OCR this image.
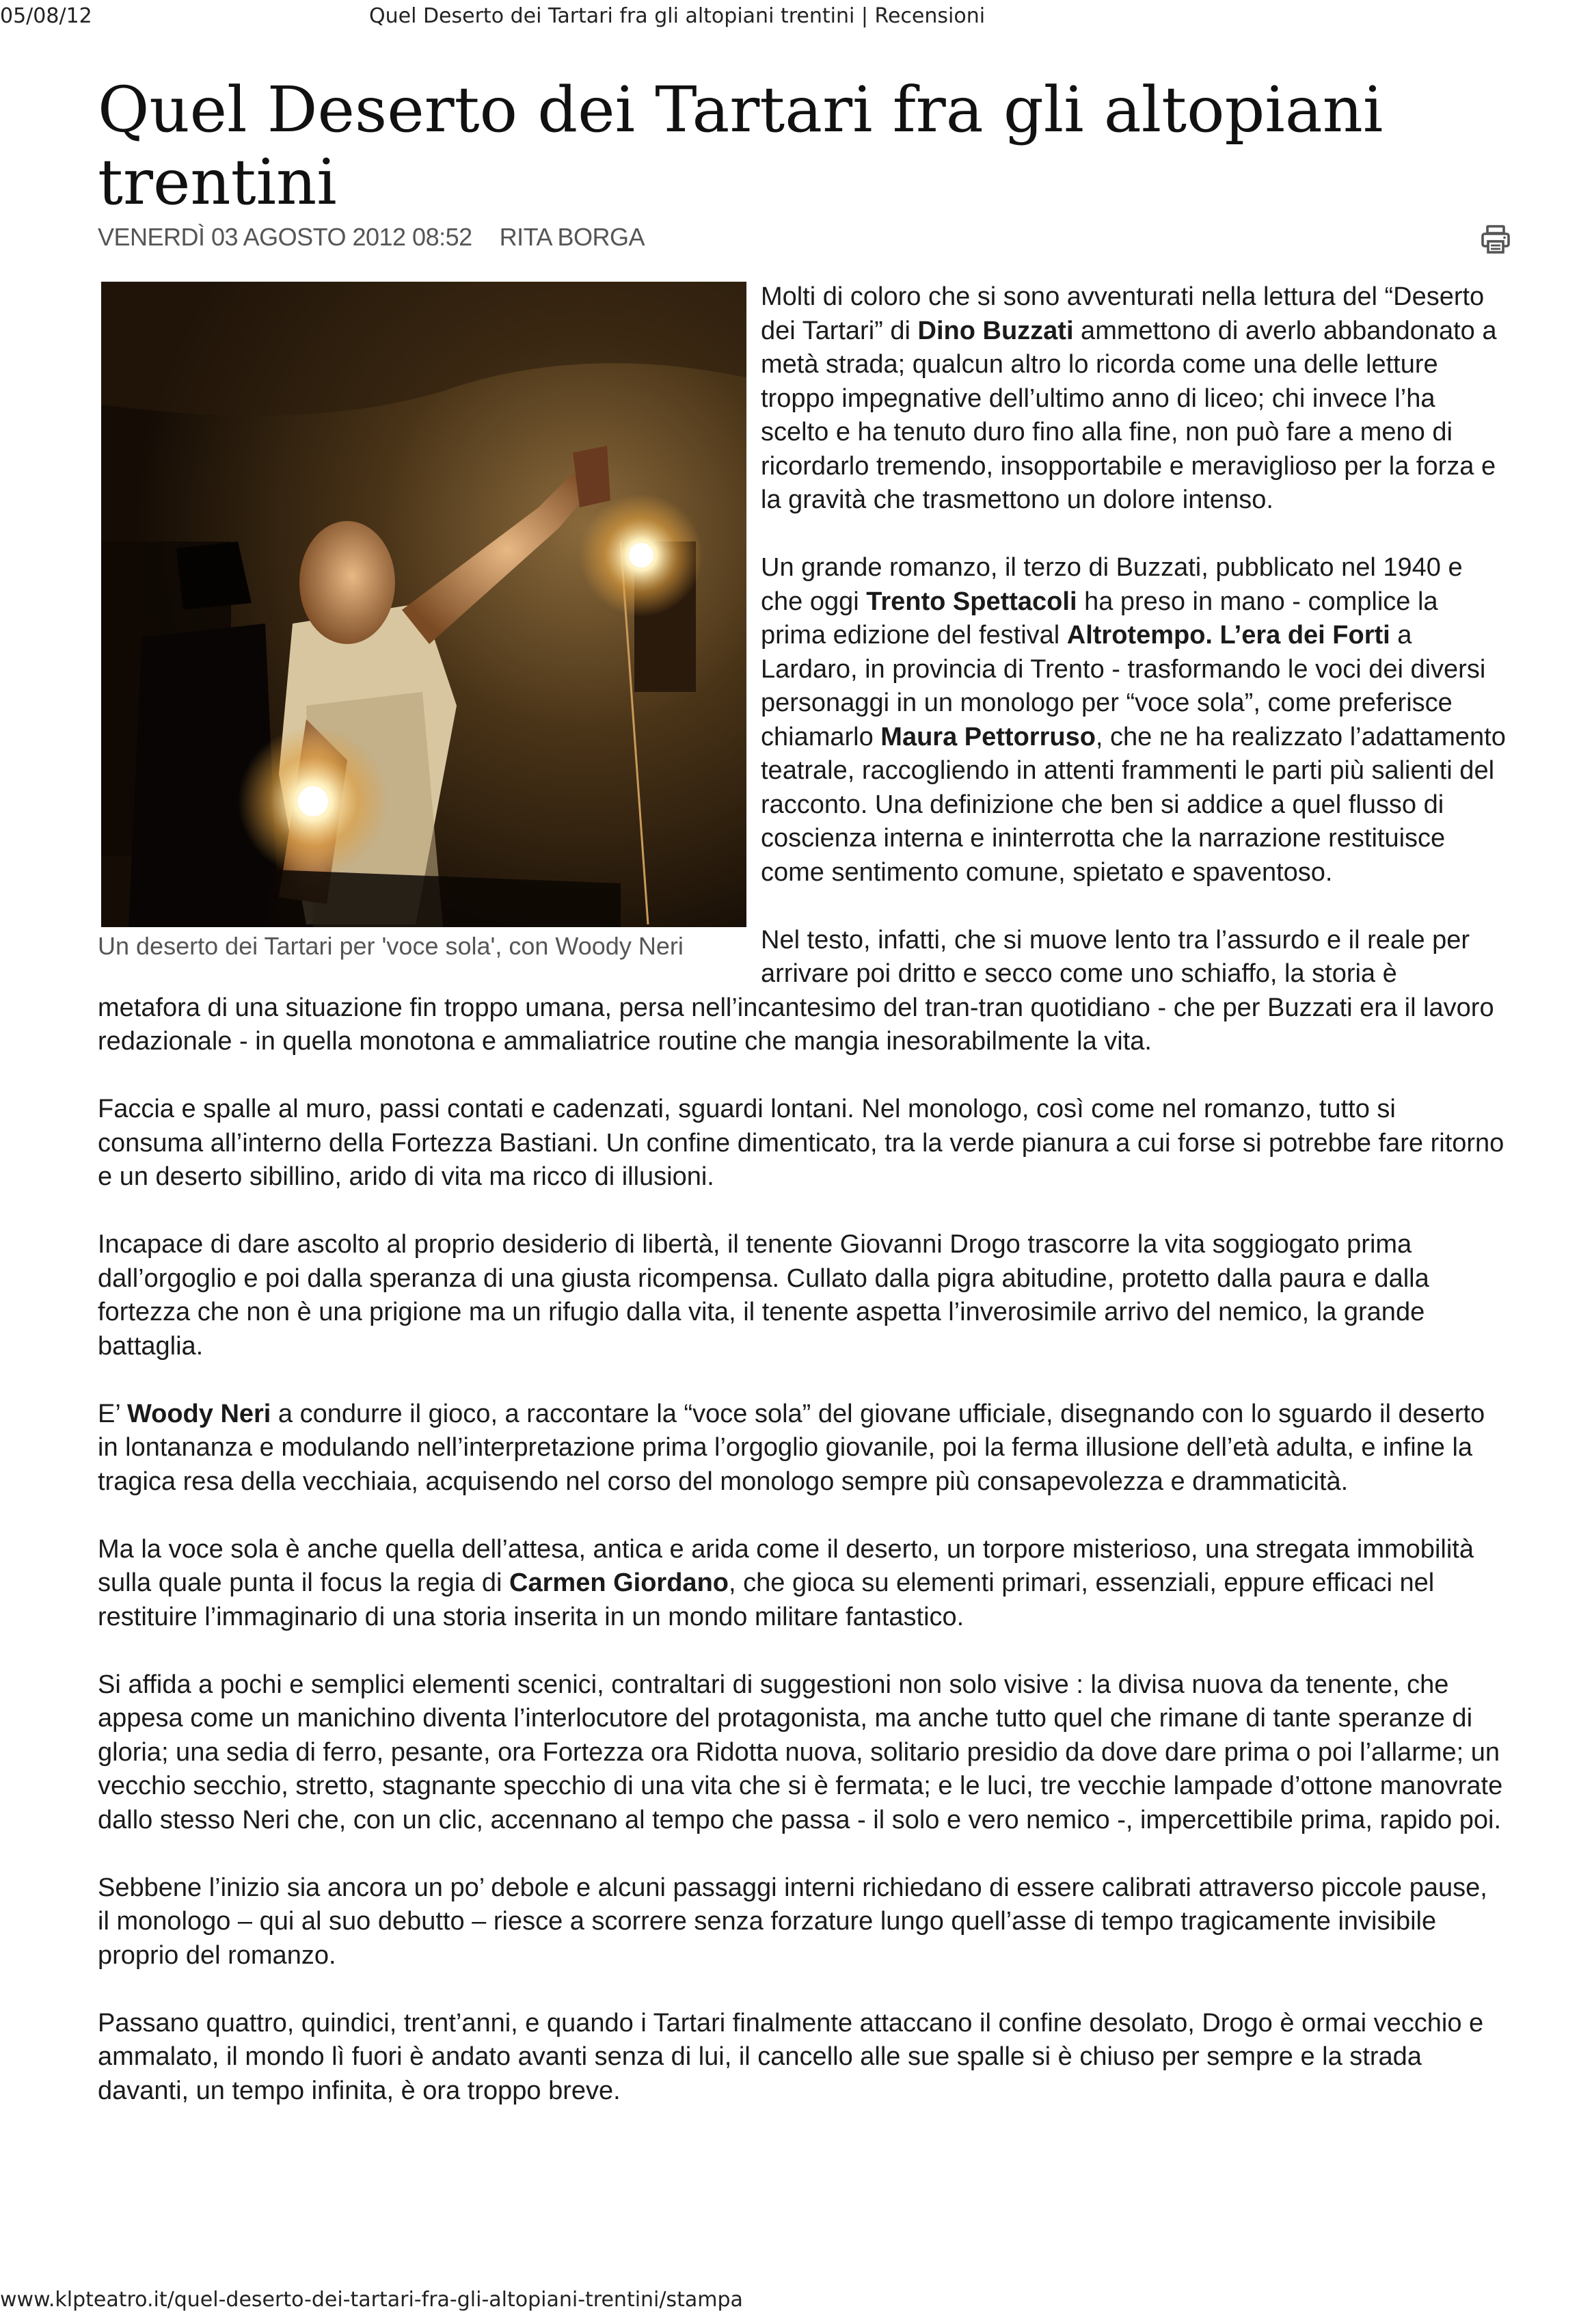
05/08/12	Quel Deserto dei Tartari fra gli altopiani trentini | Recensioni
Quel Deserto dei Tartari fra gli altopiani trentini
VENERDÌ 03 AGOSTO 2012 08:52 RITA BORGA
Un deserto dei Tartari per 'voce sola', con Woody Neri

Molti di coloro che si sono avventurati nella lettura del “Deserto dei Tartari” di Dino Buzzati ammettono di averlo abbandonato a metà strada; qualcun altro lo ricorda come una delle letture troppo impegnative dell’ultimo anno di liceo; chi invece l’ha scelto e ha tenuto duro fino alla fine, non può fare a meno di ricordarlo tremendo, insopportabile e meraviglioso per la forza e la gravità che trasmettono un dolore intenso.

Un grande romanzo, il terzo di Buzzati, pubblicato nel 1940 e che oggi Trento Spettacoli ha preso in mano - complice la prima edizione del festival Altrotempo. L’era dei Forti a Lardaro, in provincia di Trento - trasformando le voci dei diversi personaggi in un monologo per “voce sola”, come preferisce chiamarlo Maura Pettorruso, che ne ha realizzato l’adattamento teatrale, raccogliendo in attenti frammenti le parti più salienti del racconto. Una definizione che ben si addice a quel flusso di coscienza interna e ininterrotta che la narrazione restituisce come sentimento comune, spietato e spaventoso.

Nel testo, infatti, che si muove lento tra l’assurdo e il reale per arrivare poi dritto e secco come uno schiaffo, la storia è metafora di una situazione fin troppo umana, persa nell’incantesimo del tran-tran quotidiano - che per Buzzati era il lavoro redazionale - in quella monotona e ammaliatrice routine che mangia inesorabilmente la vita.

Faccia e spalle al muro, passi contati e cadenzati, sguardi lontani. Nel monologo, così come nel romanzo, tutto si consuma all’interno della Fortezza Bastiani. Un confine dimenticato, tra la verde pianura a cui forse si potrebbe fare ritorno e un deserto sibillino, arido di vita ma ricco di illusioni.

Incapace di dare ascolto al proprio desiderio di libertà, il tenente Giovanni Drogo trascorre la vita soggiogato prima dall’orgoglio e poi dalla speranza di una giusta ricompensa. Cullato dalla pigra abitudine, protetto dalla paura e dalla fortezza che non è una prigione ma un rifugio dalla vita, il tenente aspetta l’inverosimile arrivo del nemico, la grande battaglia.

E’ Woody Neri a condurre il gioco, a raccontare la “voce sola” del giovane ufficiale, disegnando con lo sguardo il deserto in lontananza e modulando nell’interpretazione prima l’orgoglio giovanile, poi la ferma illusione dell’età adulta, e infine la tragica resa della vecchiaia, acquisendo nel corso del monologo sempre più consapevolezza e drammaticità.

Ma la voce sola è anche quella dell’attesa, antica e arida come il deserto, un torpore misterioso, una stregata immobilità sulla quale punta il focus la regia di Carmen Giordano, che gioca su elementi primari, essenziali, eppure efficaci nel restituire l’immaginario di una storia inserita in un mondo militare fantastico.

Si affida a pochi e semplici elementi scenici, contraltari di suggestioni non solo visive : la divisa nuova da tenente, che appesa come un manichino diventa l’interlocutore del protagonista, ma anche tutto quel che rimane di tante speranze di gloria; una sedia di ferro, pesante, ora Fortezza ora Ridotta nuova, solitario presidio da dove dare prima o poi l’allarme; un vecchio secchio, stretto, stagnante specchio di una vita che si è fermata; e le luci, tre vecchie lampade d’ottone manovrate dallo stesso Neri che, con un clic, accennano al tempo che passa - il solo e vero nemico -, impercettibile prima, rapido poi.

Sebbene l’inizio sia ancora un po’ debole e alcuni passaggi interni richiedano di essere calibrati attraverso piccole pause, il monologo – qui al suo debutto – riesce a scorrere senza forzature lungo quell’asse di tempo tragicamente invisibile proprio del romanzo.

Passano quattro, quindici, trent’anni, e quando i Tartari finalmente attaccano il confine desolato, Drogo è ormai vecchio e ammalato, il mondo lì fuori è andato avanti senza di lui, il cancello alle sue spalle si è chiuso per sempre e la strada davanti, un tempo infinita, è ora troppo breve.

www.klpteatro.it/quel-deserto-dei-tartari-fra-gli-altopiani-trentini/stampa
